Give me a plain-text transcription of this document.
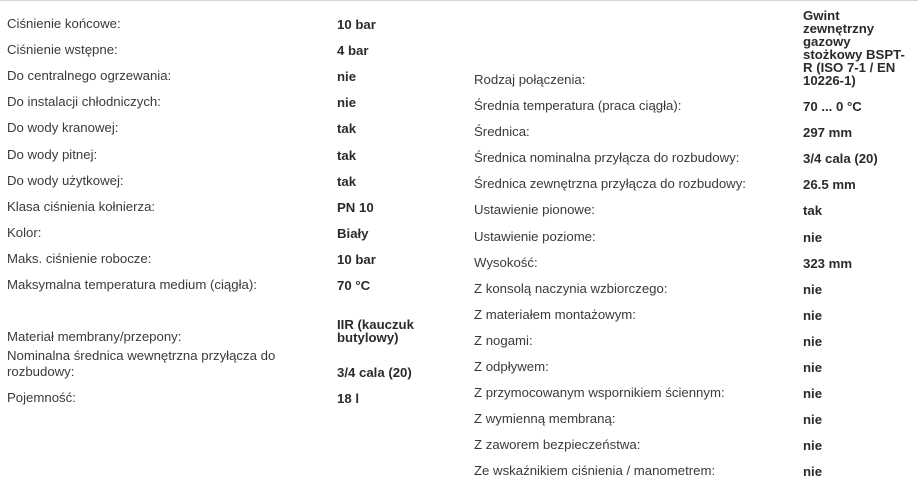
Ciśnienie końcowe:	10 bar
Ciśnienie wstępne:	4 bar
Do centralnego ogrzewania:	nie
Do instalacji chłodniczych:	nie
Do wody kranowej:	tak
Do wody pitnej:	tak
Do wody użytkowej:	tak
Klasa ciśnienia kołnierza:	PN 10
Kolor:	Biały
Maks. ciśnienie robocze:	10 bar
Maksymalna temperatura medium (ciągła):	70 °C
Materiał membrany/przepony:
IIR (kauczuk butylowy)
Nominalna średnica wewnętrzna przyłącza do rozbudowy:	3/4 cala (20)
Pojemność:	18 l
Rodzaj połączenia:
Gwint zewnętrzny gazowy stożkowy BSPT-R (ISO 7-1 / EN 10226-1)
Średnia temperatura (praca ciągła):	70 ... 0 °C
Średnica:	297 mm
Średnica nominalna przyłącza do rozbudowy:	3/4 cala (20)
Średnica zewnętrzna przyłącza do rozbudowy:	26.5 mm
Ustawienie pionowe:	tak
Ustawienie poziome:	nie
Wysokość:	323 mm
Z konsolą naczynia wzbiorczego:	nie
Z materiałem montażowym:	nie
Z nogami:	nie
Z odpływem:	nie
Z przymocowanym wspornikiem ściennym:	nie
Z wymienną membraną:	nie
Z zaworem bezpieczeństwa:	nie
Ze wskaźnikiem ciśnienia / manometrem:	nie
